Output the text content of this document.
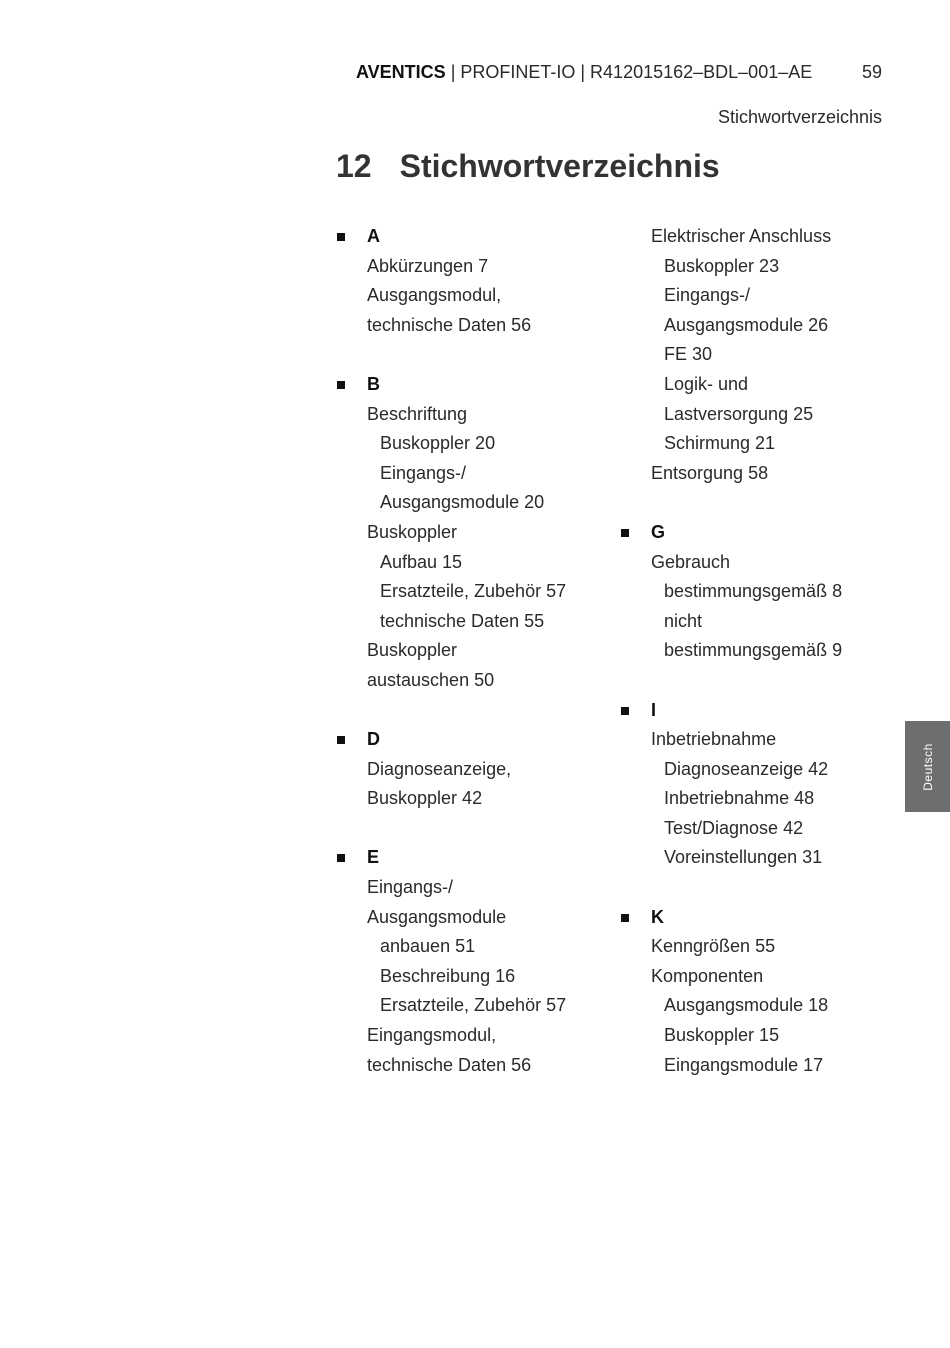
AVENTICS | PROFINET-IO | R412015162–BDL–001–AE	59
Stichwortverzeichnis
12 Stichwortverzeichnis
A
Abkürzungen 7
Ausgangsmodul,
technische Daten 56
B
Beschriftung
Buskoppler 20
Eingangs-/
Ausgangsmodule 20
Buskoppler
Aufbau 15
Ersatzteile, Zubehör 57
technische Daten 55
Buskoppler
austauschen 50
D
Diagnoseanzeige,
Buskoppler 42
E
Eingangs-/
Ausgangsmodule
anbauen 51
Beschreibung 16
Ersatzteile, Zubehör 57
Eingangsmodul,
technische Daten 56
Elektrischer Anschluss
Buskoppler 23
Eingangs-/
Ausgangsmodule 26
FE 30
Logik- und
Lastversorgung 25
Schirmung 21
Entsorgung 58
G
Gebrauch
bestimmungsgemäß 8
nicht
bestimmungsgemäß 9
I
Inbetriebnahme
Diagnoseanzeige 42
Inbetriebnahme 48
Test/Diagnose 42
Voreinstellungen 31
K
Kenngrößen 55
Komponenten
Ausgangsmodule 18
Buskoppler 15
Eingangsmodule 17
Deutsch
